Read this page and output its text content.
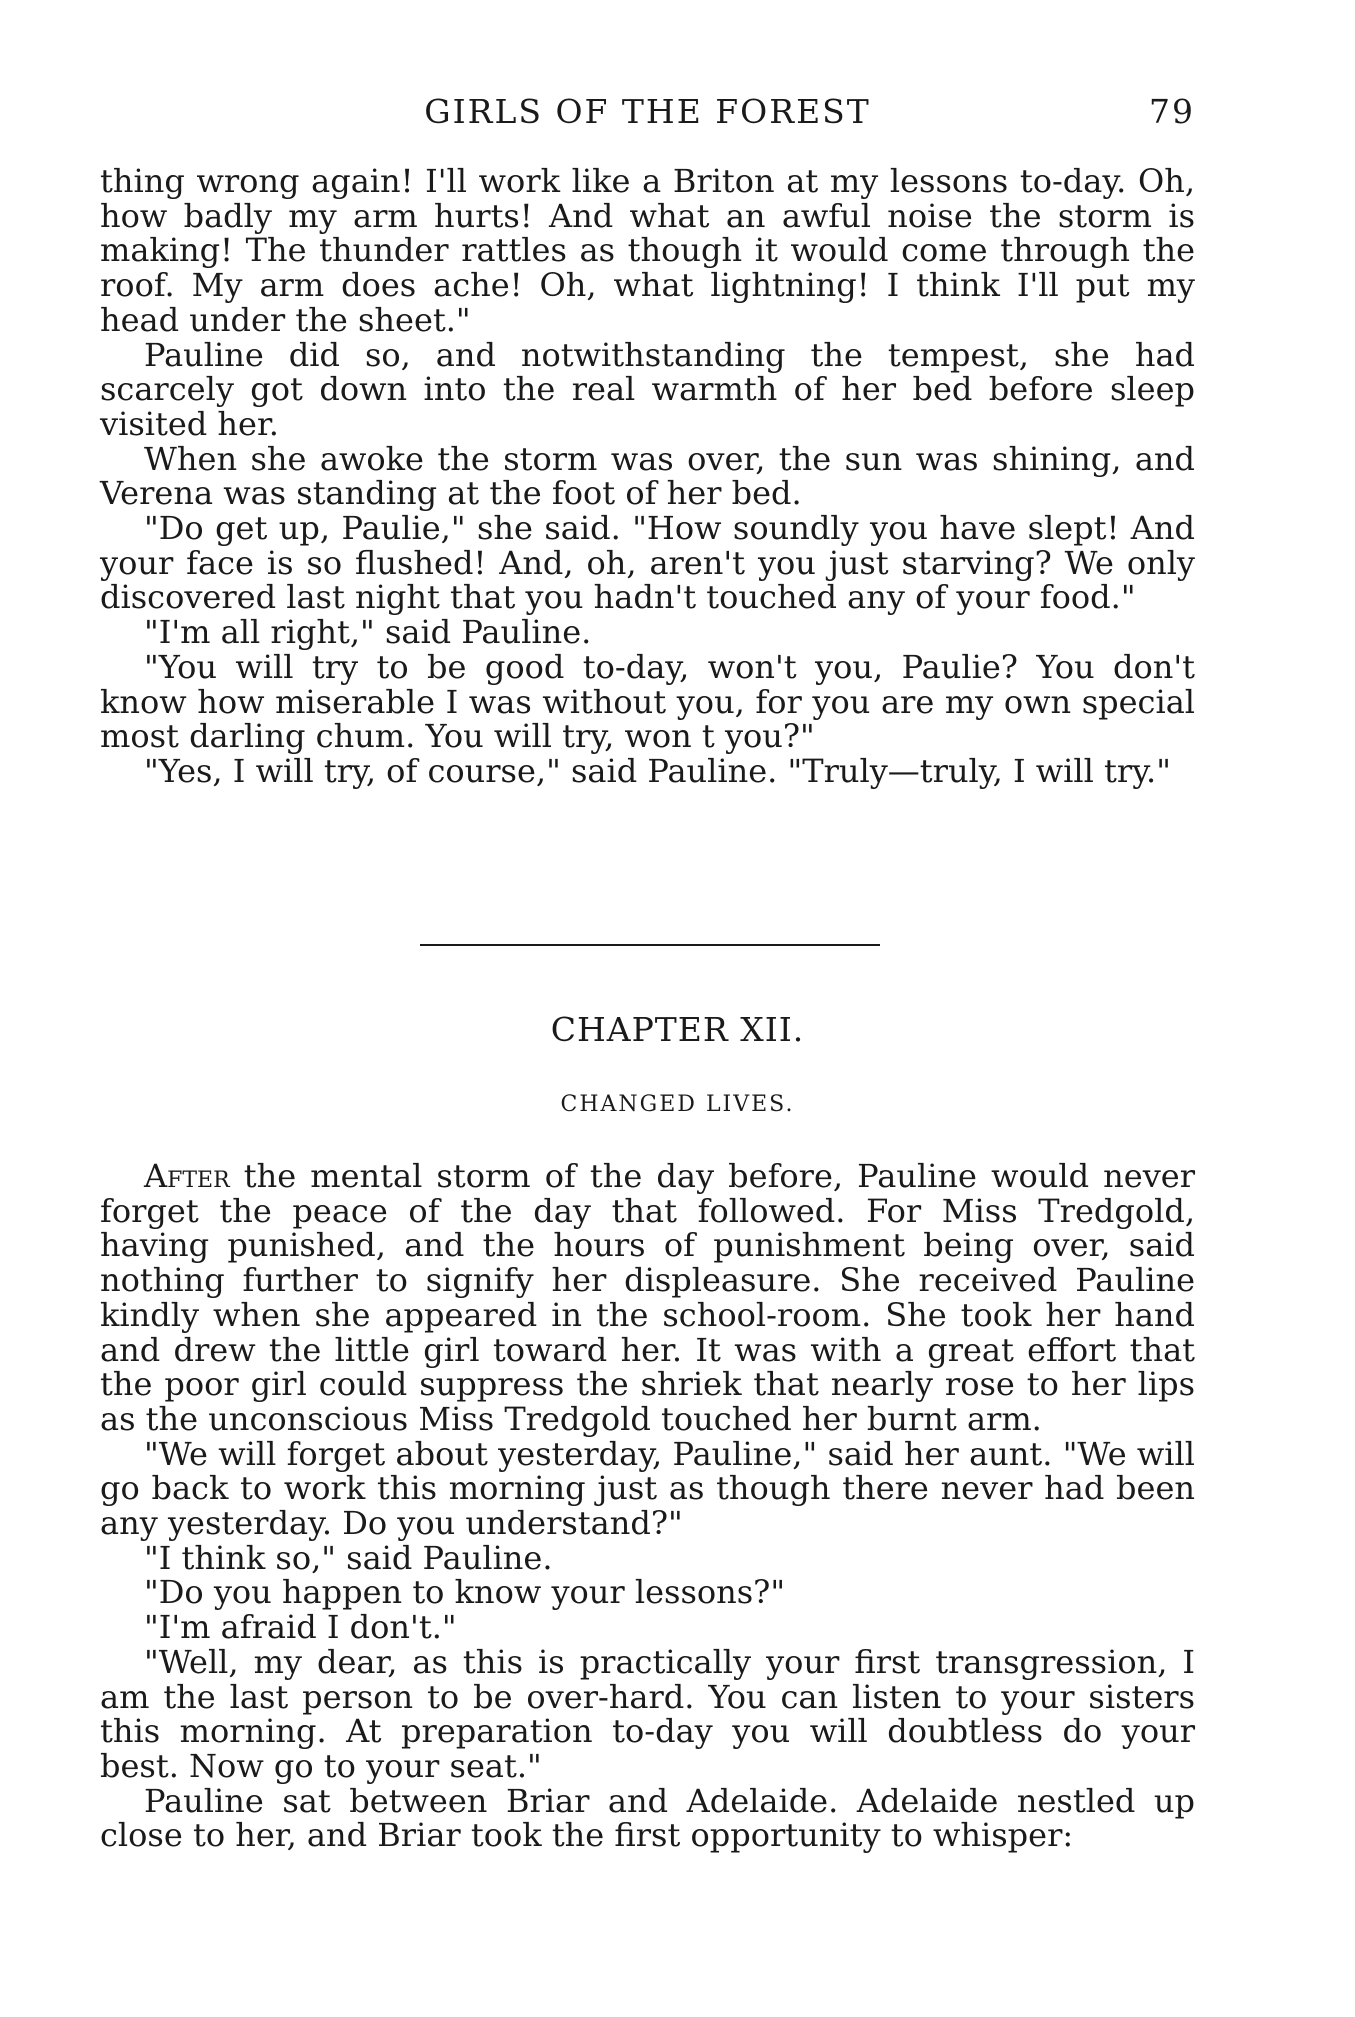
GIRLS OF THE FOREST	79

thing wrong again! I'll work like a Briton at my lessons to-day. Oh, how badly my arm hurts! And what an awful noise the storm is making! The thunder rattles as though it would come through the roof. My arm does ache! Oh, what lightning! I think I'll put my head under the sheet."

Pauline did so, and notwithstanding the tempest, she had scarcely got down into the real warmth of her bed before sleep visited her.

When she awoke the storm was over, the sun was shining, and Verena was standing at the foot of her bed.

"Do get up, Paulie," she said. "How soundly you have slept! And your face is so flushed! And, oh, aren't you just starving? We only discovered last night that you hadn't touched any of your food."

"I'm all right," said Pauline.

"You will try to be good to-day, won't you, Paulie? You don't know how miserable I was without you, for you are my own special most darling chum. You will try, won t you?"

"Yes, I will try, of course," said Pauline. "Truly—truly, I will try."

CHAPTER XII.
CHANGED LIVES.

After the mental storm of the day before, Pauline would never forget the peace of the day that followed. For Miss Tredgold, having punished, and the hours of punishment being over, said nothing further to signify her displeasure. She received Pauline kindly when she appeared in the school-room. She took her hand and drew the little girl toward her. It was with a great effort that the poor girl could suppress the shriek that nearly rose to her lips as the unconscious Miss Tredgold touched her burnt arm.

"We will forget about yesterday, Pauline," said her aunt. "We will go back to work this morning just as though there never had been any yesterday. Do you understand?"

"I think so," said Pauline.

"Do you happen to know your lessons?"

"I'm afraid I don't."

"Well, my dear, as this is practically your first transgression, I am the last person to be over-hard. You can listen to your sisters this morning. At preparation to-day you will doubtless do your best. Now go to your seat."

Pauline sat between Briar and Adelaide. Adelaide nestled up close to her, and Briar took the first opportunity to whisper:
